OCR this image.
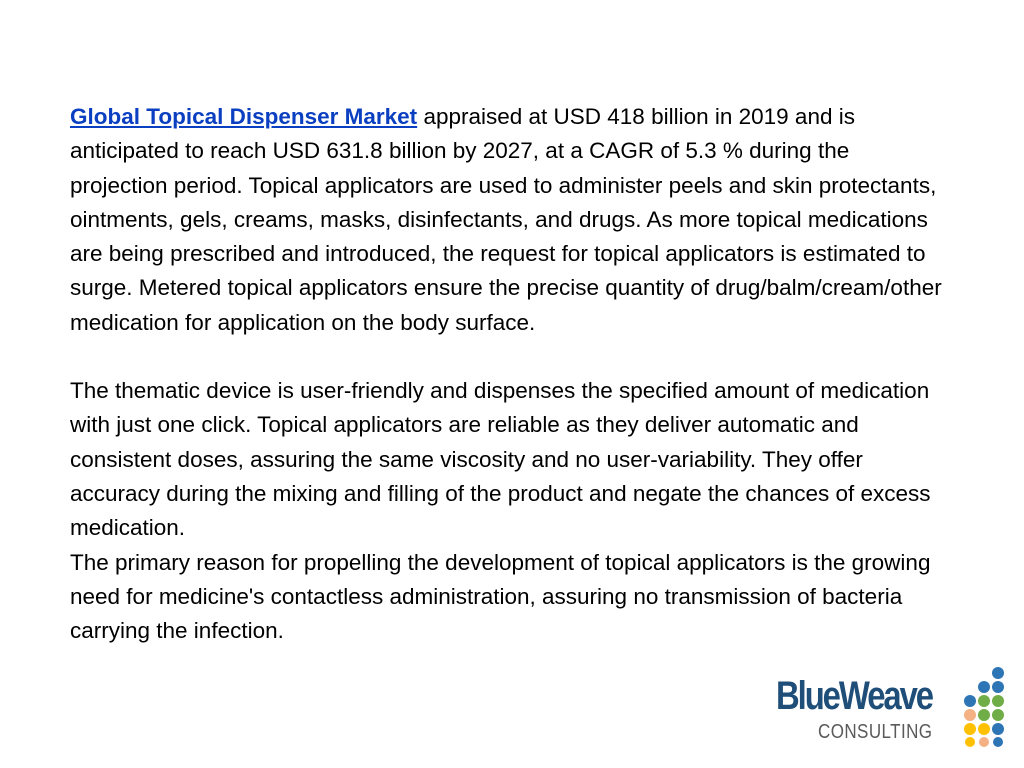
Global Topical Dispenser Market appraised at USD 418 billion in 2019 and is anticipated to reach USD 631.8 billion by 2027, at a CAGR of 5.3 % during the projection period. Topical applicators are used to administer peels and skin protectants, ointments, gels, creams, masks, disinfectants, and drugs. As more topical medications are being prescribed and introduced, the request for topical applicators is estimated to surge. Metered topical applicators ensure the precise quantity of drug/balm/cream/other medication for application on the body surface.

The thematic device is user-friendly and dispenses the specified amount of medication with just one click. Topical applicators are reliable as they deliver automatic and consistent doses, assuring the same viscosity and no user-variability. They offer accuracy during the mixing and filling of the product and negate the chances of excess medication.

The primary reason for propelling the development of topical applicators is the growing need for medicine's contactless administration, assuring no transmission of bacteria carrying the infection.

BlueWeave
CONSULTING
